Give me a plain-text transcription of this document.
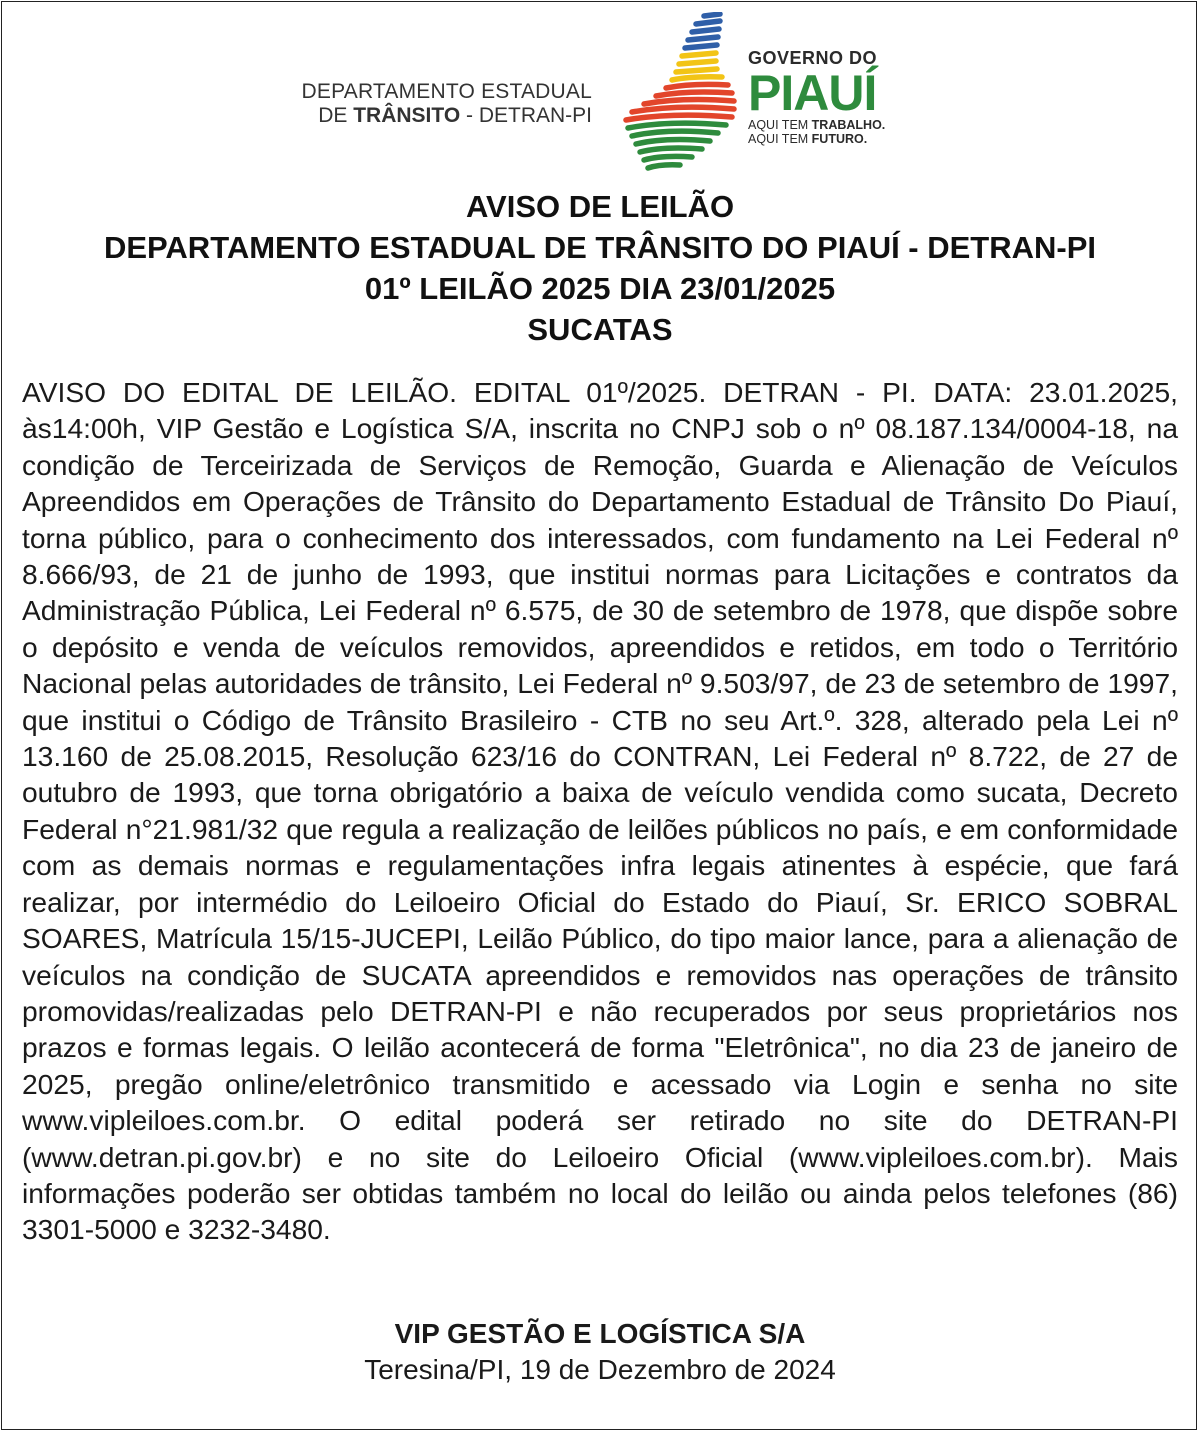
DEPARTAMENTO ESTADUAL
DE TRÂNSITO - DETRAN-PI
GOVERNO DO
PIAUÍ
AQUI TEM TRABALHO.
AQUI TEM FUTURO.
AVISO DE LEILÃO
DEPARTAMENTO ESTADUAL DE TRÂNSITO DO PIAUÍ - DETRAN-PI
01º LEILÃO 2025 DIA 23/01/2025
SUCATAS
AVISO DO EDITAL DE LEILÃO. EDITAL 01º/2025. DETRAN - PI. DATA: 23.01.2025, às14:00h, VIP Gestão e Logística S/A, inscrita no CNPJ sob o nº 08.187.134/0004-18, na condição de Terceirizada de Serviços de Remoção, Guarda e Alienação de Veículos Apreendidos em Operações de Trânsito do Departamento Estadual de Trânsito Do Piauí, torna público, para o conhecimento dos interessados, com fundamento na Lei Federal nº 8.666/93, de 21 de junho de 1993, que institui normas para Licitações e contratos da Administração Pública, Lei Federal nº 6.575, de 30 de setembro de 1978, que dispõe sobre o depósito e venda de veículos removidos, apreendidos e retidos, em todo o Território Nacional pelas autoridades de trânsito, Lei Federal nº 9.503/97, de 23 de setembro de 1997, que institui o Código de Trânsito Brasileiro - CTB no seu Art.º. 328, alterado pela Lei nº 13.160 de 25.08.2015, Resolução 623/16 do CONTRAN, Lei Federal nº 8.722, de 27 de outubro de 1993, que torna obrigatório a baixa de veículo vendida como sucata, Decreto Federal n°21.981/32 que regula a realização de leilões públicos no país, e em conformidade com as demais normas e regulamentações infra legais atinentes à espécie, que fará realizar, por intermédio do Leiloeiro Oficial do Estado do Piauí, Sr. ERICO SOBRAL SOARES, Matrícula 15/15-JUCEPI, Leilão Público, do tipo maior lance, para a alienação de veículos na condição de SUCATA apreendidos e removidos nas operações de trânsito promovidas/realizadas pelo DETRAN-PI e não recuperados por seus proprietários nos prazos e formas legais. O leilão acontecerá de forma "Eletrônica", no dia 23 de janeiro de 2025, pregão online/eletrônico transmitido e acessado via Login e senha no site www.vipleiloes.com.br. O edital poderá ser retirado no site do DETRAN-PI (www.detran.pi.gov.br) e no site do Leiloeiro Oficial (www.vipleiloes.com.br). Mais informações poderão ser obtidas também no local do leilão ou ainda pelos telefones (86) 3301-5000 e 3232-3480.
VIP GESTÃO E LOGÍSTICA S/A
Teresina/PI, 19 de Dezembro de 2024
